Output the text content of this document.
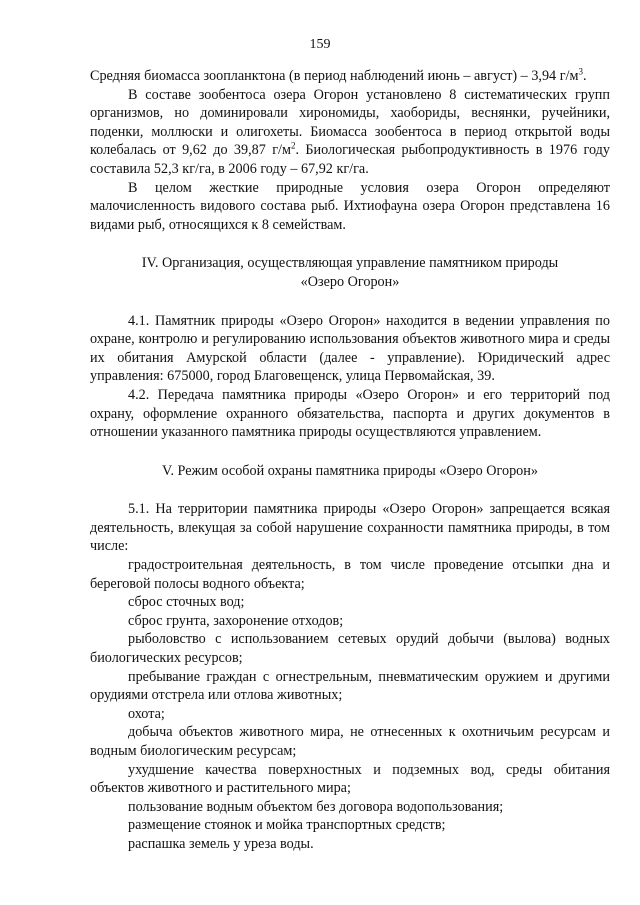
159

Средняя биомасса зоопланктона (в период наблюдений июнь – август) – 3,94 $г/м^3$.

В составе зообентоса озера Огорон установлено 8 систематических групп организмов, но доминировали хирономиды, хаобориды, веснянки, ручейники, поденки, моллюски и олигохеты. Биомасса зообентоса в период открытой воды колебалась от 9,62 до 39,87 $г/м^2$. Биологическая рыбопродуктивность в 1976 году составила 52,3 кг/га, в 2006 году – 67,92 кг/га.

В целом жесткие природные условия озера Огорон определяют малочисленность видового состава рыб. Ихтиофауна озера Огорон представлена 16 видами рыб, относящихся к 8 семействам.

IV. Организация, осуществляющая управление памятником природы
«Озеро Огорон»

4.1. Памятник природы «Озеро Огорон» находится в ведении управления по охране, контролю и регулированию использования объектов животного мира и среды их обитания Амурской области (далее - управление). Юридический адрес управления: 675000, город Благовещенск, улица Первомайская, 39.

4.2. Передача памятника природы «Озеро Огорон» и его территорий под охрану, оформление охранного обязательства, паспорта и других документов в отношении указанного памятника природы осуществляются управлением.

V. Режим особой охраны памятника природы «Озеро Огорон»

5.1. На территории памятника природы «Озеро Огорон» запрещается всякая деятельность, влекущая за собой нарушение сохранности памятника природы, в том числе:

градостроительная деятельность, в том числе проведение отсыпки дна и береговой полосы водного объекта;

сброс сточных вод;

сброс грунта, захоронение отходов;

рыболовство с использованием сетевых орудий добычи (вылова) водных биологических ресурсов;

пребывание граждан с огнестрельным, пневматическим оружием и другими орудиями отстрела или отлова животных;

охота;

добыча объектов животного мира, не отнесенных к охотничьим ресурсам и водным биологическим ресурсам;

ухудшение качества поверхностных и подземных вод, среды обитания объектов животного и растительного мира;

пользование водным объектом без договора водопользования;

размещение стоянок и мойка транспортных средств;

распашка земель у уреза воды.
